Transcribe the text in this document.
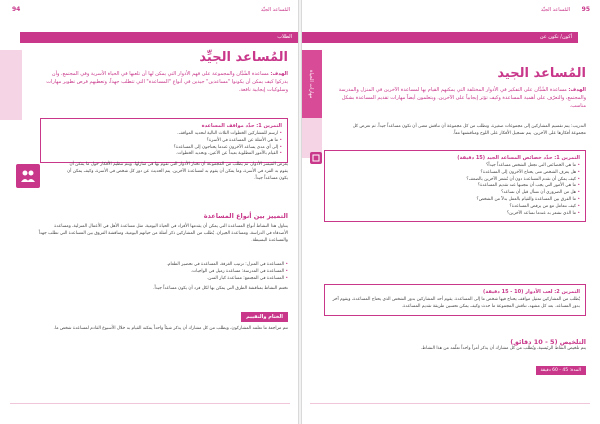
المُساعد الجيِّد
94
الطلاب
المُساعد الجيِّد

الهدف: مساعدة الشُبَّان والمجموعة على فهم الأدوار التي يمكن لها أن تلعبها في الحياة الأسرية وفي المجتمع، وأن يدركوا كيف يمكن أن يكونوا "مساعدين" جيدين في أنواع "المساعدة" التي تتطلب جهداً، وتعطيهم فرص تطوير مهارات وسلوكيات إيجابية نافعة.

التمرين 1: حدِّد مواقف المساعدة
• ارسم للمشاركين الخطوات الثلاث التالية لتحديد المواقف.
• ما هي الأمثلة عن المساعدة في الأسرة؟
• إلى أي مدى يساعد الآخرون عندما يحتاجون إلى المساعدة؟
• القيام بالأمور المطلوبة بعيداً عن الأعين، وتحديد الخطوات.

يعرض الميسر الأدوار، ثم يطلب من المجموعة أن تختار الأدوار التي تقوم بها في منازلها. ويتم تنظيم الأفكار حول ما يمكن أن يقوم به الفرد في الأسرة، وما يمكن أن يقوم به لمساعدة الآخرين. يتم الحديث عن دور كل شخص في الأسرة، وكيف يمكن أن يكون مساعداً جيداً.

التمييز بين أنواع المساعدة

يتناول هذا النشاط أنواع المساعدة التي يمكن أن يقدمها الأفراد في الحياة اليومية، مثل مساعدة الأهل في الأعمال المنزلية، ومساعدة الأصدقاء في الدراسة، ومساعدة الجيران. يُطلب من المشاركين ذكر أمثلة من حياتهم اليومية، ومناقشة الفروق بين المساعدة التي تطلب جهداً والمساعدة البسيطة.

• المساعدة في المنزل: ترتيب الغرفة، المساعدة في تحضير الطعام.
• المساعدة في المدرسة: مساعدة زميل في الواجبات.
• المساعدة في المجتمع: مساعدة كبار السن.

نختتم النشاط بمناقشة الطرق التي يمكن بها لكل فرد أن يكون مساعداً جيداً.

الختام والتقييم

تتم مراجعة ما تعلمه المشاركون، ويطلب من كل مشارك أن يذكر شيئاً واحداً يمكنه القيام به خلال الأسبوع القادم لمساعدة شخص ما.

95
المُساعد الجيِّد
أكون/ تكون عن
مهارات الحياة	المُساعد الجيد

الهدف: مساعدة الشُبَّان على التفكير في الأدوار المختلفة التي يمكنهم القيام بها لمساعدة الآخرين في المنزل والمدرسة والمجتمع، والتعرّف على أهمية المساعدة وكيف تؤثر إيجابياً على الآخرين. ويتعلمون أيضاً مهارات تقديم المساعدة بشكل مناسب.

التدريب: يتم تقسيم المشاركين إلى مجموعات صغيرة، وتطلب من كل مجموعة أن تناقش معنى أن تكون مساعداً جيداً. ثم تعرض كل مجموعة أفكارها على الآخرين. يتم تسجيل الأفكار على اللوح ومناقشتها معاً.

التمرين 1: حدِّد خصائص المساعد الجيد (15 دقيقة)
• ما هي الخصائص التي تجعل الشخص مساعداً جيداً؟
• هل يعرف الشخص متى يحتاج الآخرون إلى المساعدة؟
• كيف يمكن أن نقدم المساعدة دون أن نُشعر الآخرين بالضعف؟
• ما هي الأمور التي يجب أن نتجنبها عند تقديم المساعدة؟
• هل من الضروري أن نسأل قبل أن نساعد؟
• ما الفرق بين المساعدة والقيام بالعمل بدلاً من الشخص؟
• كيف نتعامل مع من يرفض المساعدة؟
• ما الذي نشعر به عندما نساعد الآخرين؟
التمرين 2: لعب الأدوار (10 - 15 دقيقة)

يُطلب من المشاركين تمثيل مواقف يحتاج فيها شخص ما إلى المساعدة. يقوم أحد المشاركين بدور الشخص الذي يحتاج المساعدة، ويقوم آخر بدور المساعد. بعد كل مشهد، تناقش المجموعة ما حدث وكيف يمكن تحسين طريقة تقديم المساعدة.

التلخيص (5 - 10 دقائق)

يتم تلخيص النقاط الرئيسية، ويُطلب من كل مشارك أن يذكر أمراً واحداً تعلّمه من هذا النشاط.

المدة: 45 - 60 دقيقة
